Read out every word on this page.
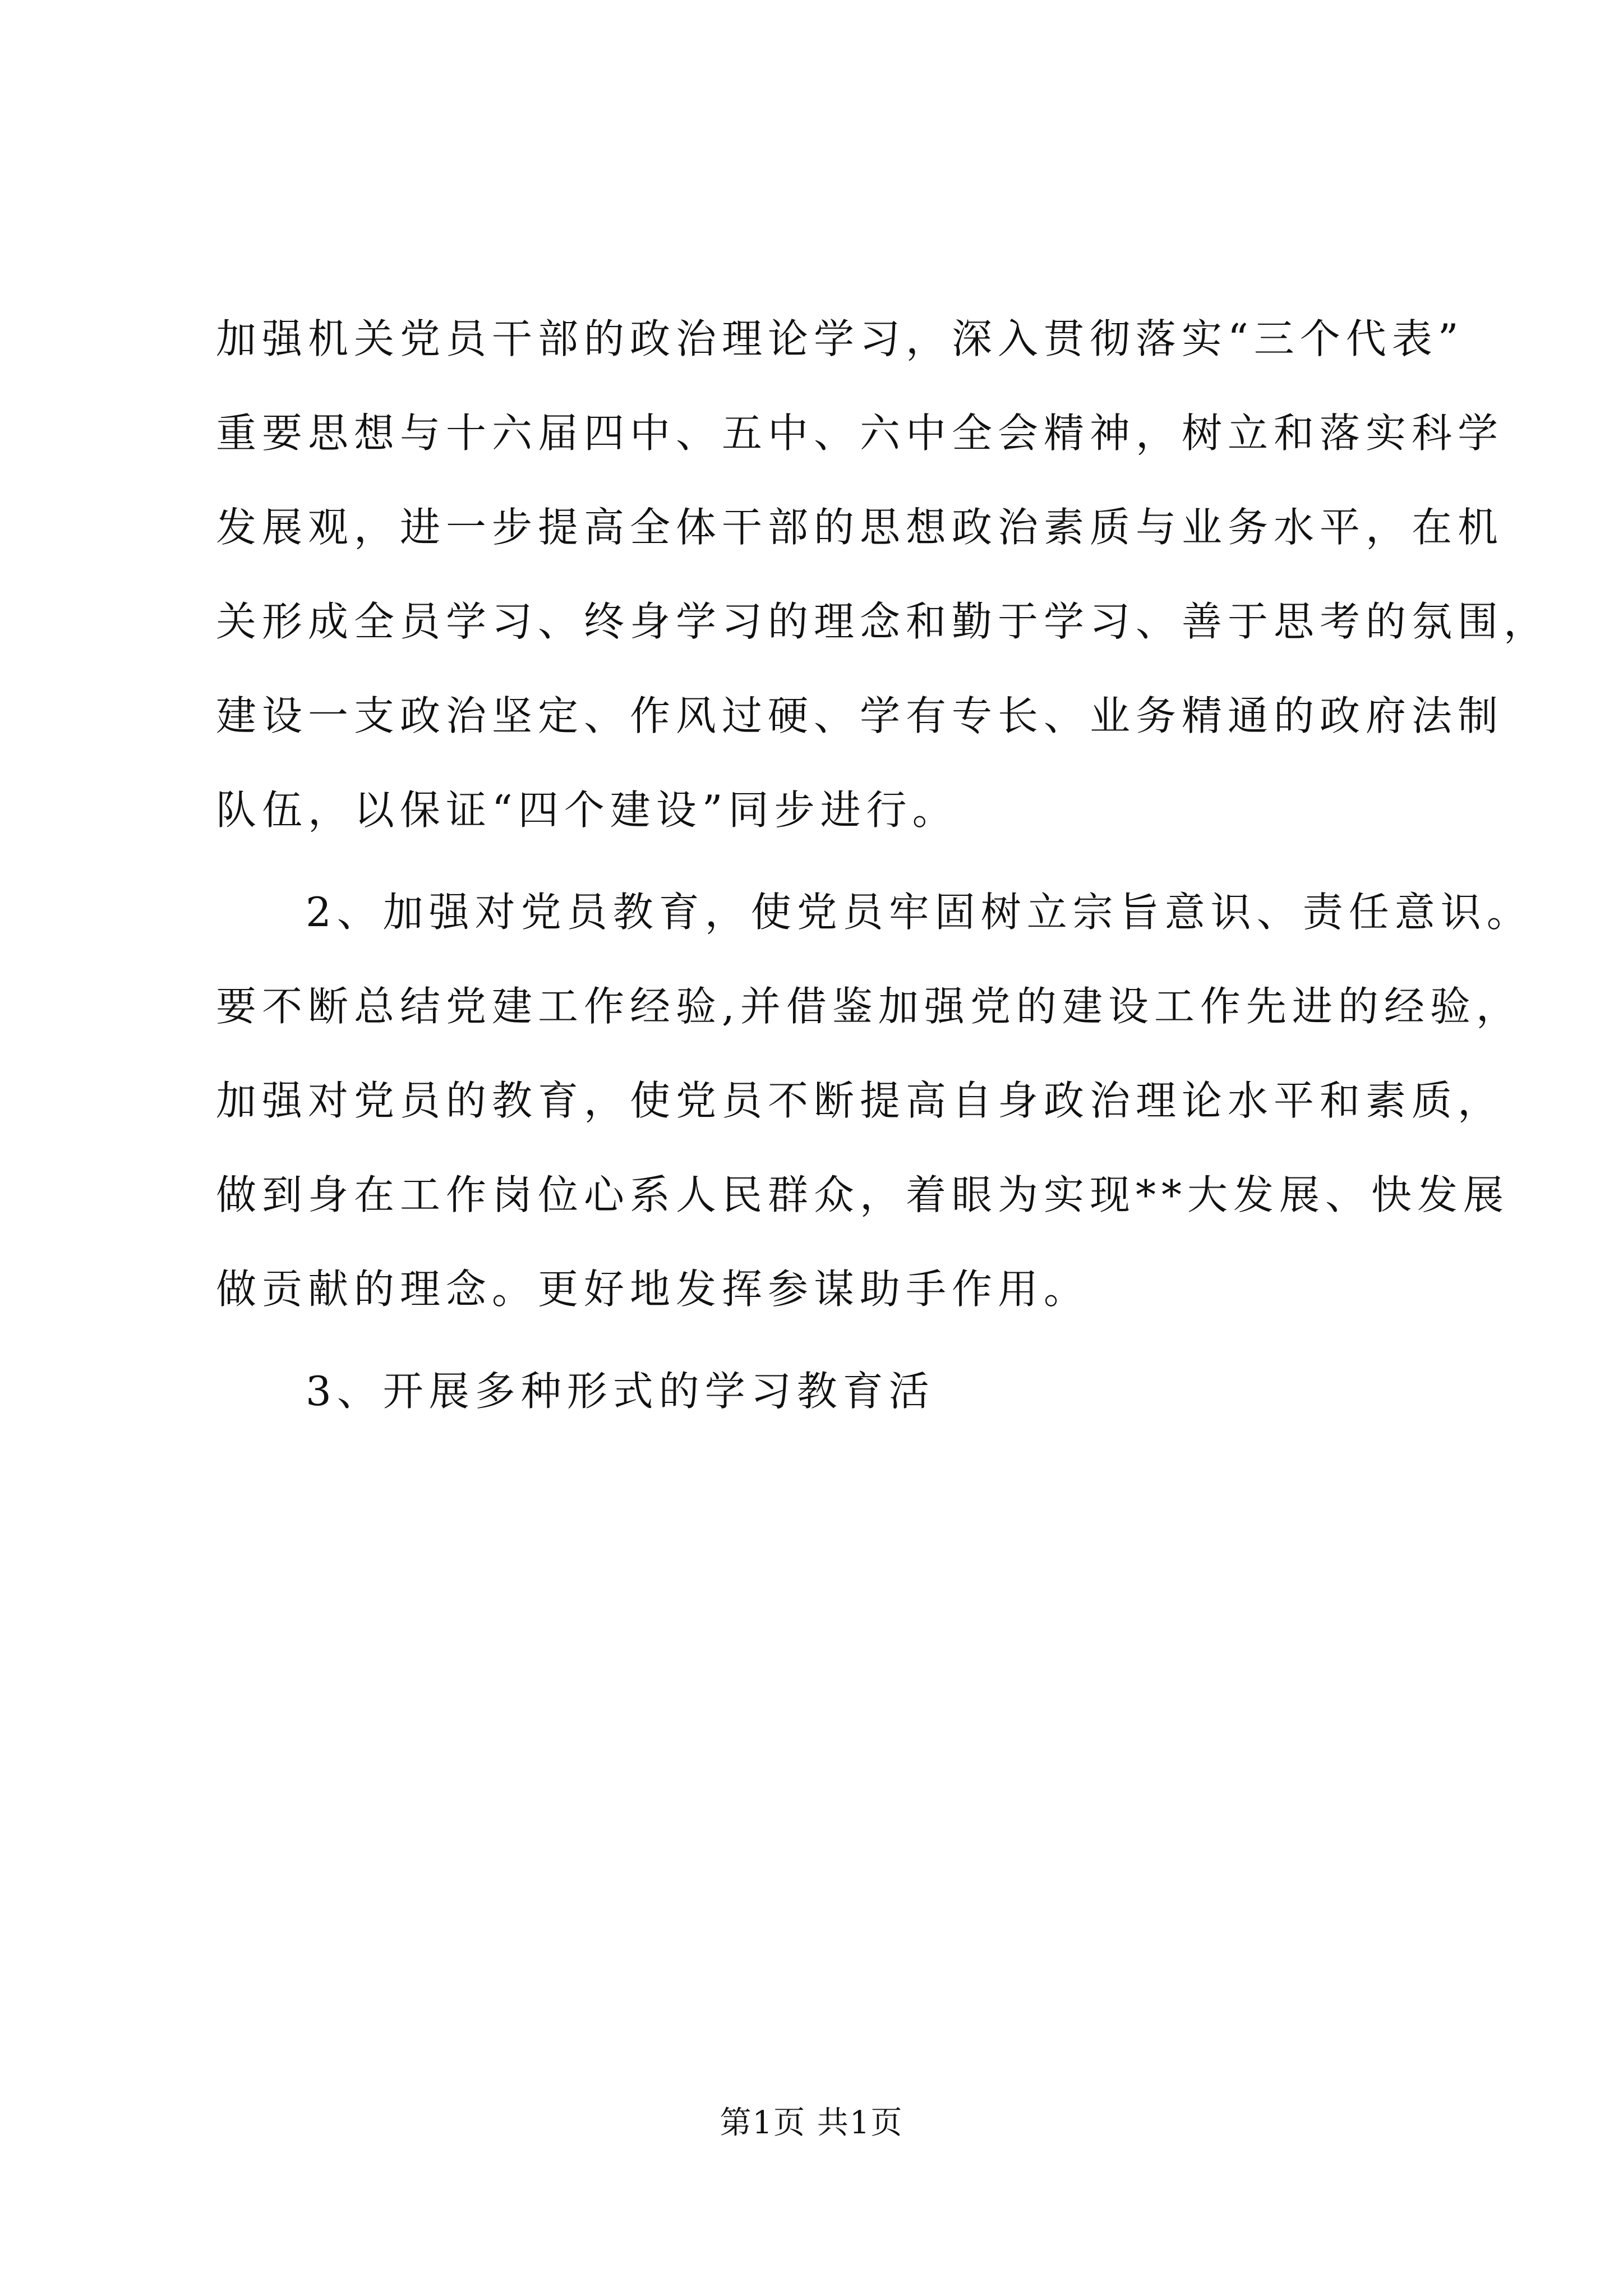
加强机关党员干部的政治理论学习，深入贯彻落实“三个代表”
重要思想与十六届四中、五中、六中全会精神，树立和落实科学
发展观，进一步提高全体干部的思想政治素质与业务水平，在机
关形成全员学习、终身学习的理念和勤于学习、善于思考的氛围，
建设一支政治坚定、作风过硬、学有专长、业务精通的政府法制
队伍，以保证“四个建设”同步进行。
2、加强对党员教育，使党员牢固树立宗旨意识、责任意识。
要不断总结党建工作经验,并借鉴加强党的建设工作先进的经验，
加强对党员的教育，使党员不断提高自身政治理论水平和素质，
做到身在工作岗位心系人民群众，着眼为实现**大发展、快发展
做贡献的理念。更好地发挥参谋助手作用。
3、开展多种形式的学习教育活
第1页 共1页
